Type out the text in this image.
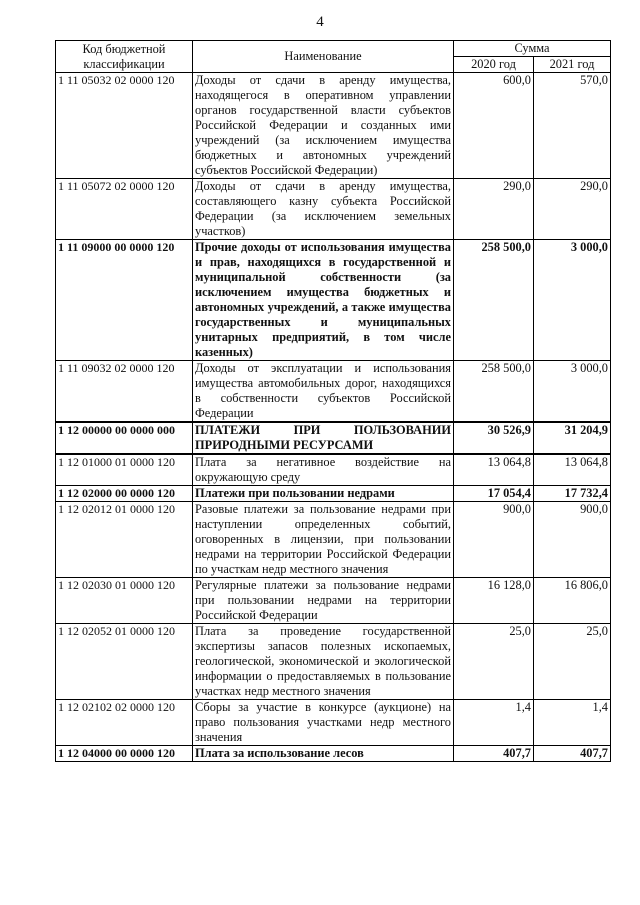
4
Код бюджетной классификации	Наименование	Сумма	
		2020 год	2021 год
1 11 05032 02 0000 120	Доходы от сдачи в аренду имущества, находящегося в оперативном управлении органов государственной власти субъектов Российской Федерации и созданных ими учреждений (за исключением имущества бюджетных и автономных учреждений субъектов Российской Федерации)	600,0	570,0
1 11 05072 02 0000 120	Доходы от сдачи в аренду имущества, составляющего казну субъекта Российской Федерации (за исключением земельных участков)	290,0	290,0
1 11 09000 00 0000 120	Прочие доходы от использования имущества и прав, находящихся в государственной и муниципальной собственности (за исключением имущества бюджетных и автономных учреждений, а также имущества государственных и муниципальных унитарных предприятий, в том числе казенных)	258 500,0	3 000,0
1 11 09032 02 0000 120	Доходы от эксплуатации и использования имущества автомобильных дорог, находящихся в собственности субъектов Российской Федерации	258 500,0	3 000,0
1 12 00000 00 0000 000	ПЛАТЕЖИ ПРИ ПОЛЬЗОВАНИИ ПРИРОДНЫМИ РЕСУРСАМИ	30 526,9	31 204,9
1 12 01000 01 0000 120	Плата за негативное воздействие на окружающую среду	13 064,8	13 064,8
1 12 02000 00 0000 120	Платежи при пользовании недрами	17 054,4	17 732,4
1 12 02012 01 0000 120	Разовые платежи за пользование недрами при наступлении определенных событий, оговоренных в лицензии, при пользовании недрами на территории Российской Федерации по участкам недр местного значения	900,0	900,0
1 12 02030 01 0000 120	Регулярные платежи за пользование недрами при пользовании недрами на территории Российской Федерации	16 128,0	16 806,0
1 12 02052 01 0000 120	Плата за проведение государственной экспертизы запасов полезных ископаемых, геологической, экономической и экологической информации о предоставляемых в пользование участках недр местного значения	25,0	25,0
1 12 02102 02 0000 120	Сборы за участие в конкурсе (аукционе) на право пользования участками недр местного значения	1,4	1,4
1 12 04000 00 0000 120	Плата за использование лесов	407,7	407,7
